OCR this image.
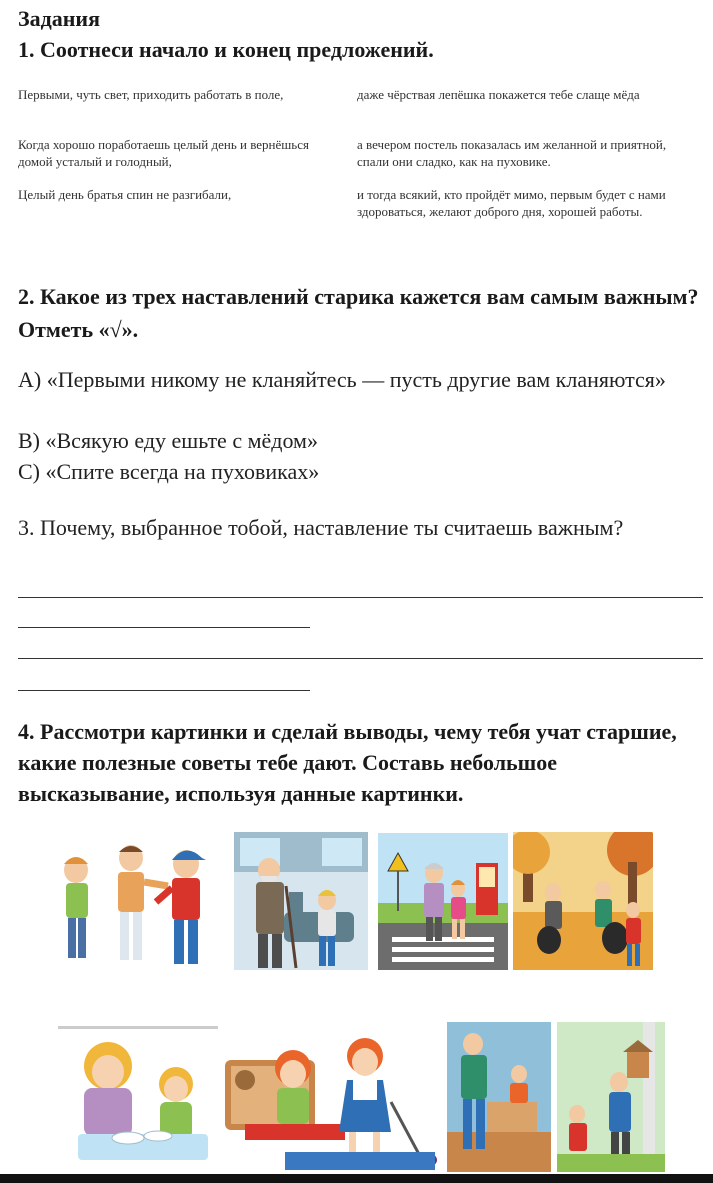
Задания
1. Соотнеси начало и конец предложений.
Первыми, чуть свет, приходить работать в поле,	даже чёрствая лепёшка покажется тебе слаще мёда
Когда хорошо поработаешь целый день и вернёшься домой усталый и голодный,
а вечером постель показалась им желанной и приятной, спали они сладко, как на пуховике.
Целый день братья спин не разгибали,	и тогда всякий, кто пройдёт мимо, первым будет с нами здороваться, желают доброго дня, хорошей работы.
2. Какое из трех наставлений старика кажется вам самым важным? Отметь «√».
А) «Первыми никому не кланяйтесь — пусть другие вам кланяются»
В) «Всякую еду ешьте с мёдом»
С) «Спите всегда на пуховиках»
3. Почему, выбранное тобой, наставление ты считаешь важным?
4. Рассмотри картинки и сделай выводы, чему тебя учат старшие, какие полезные советы тебе дают. Составь небольшое высказывание, используя данные картинки.
